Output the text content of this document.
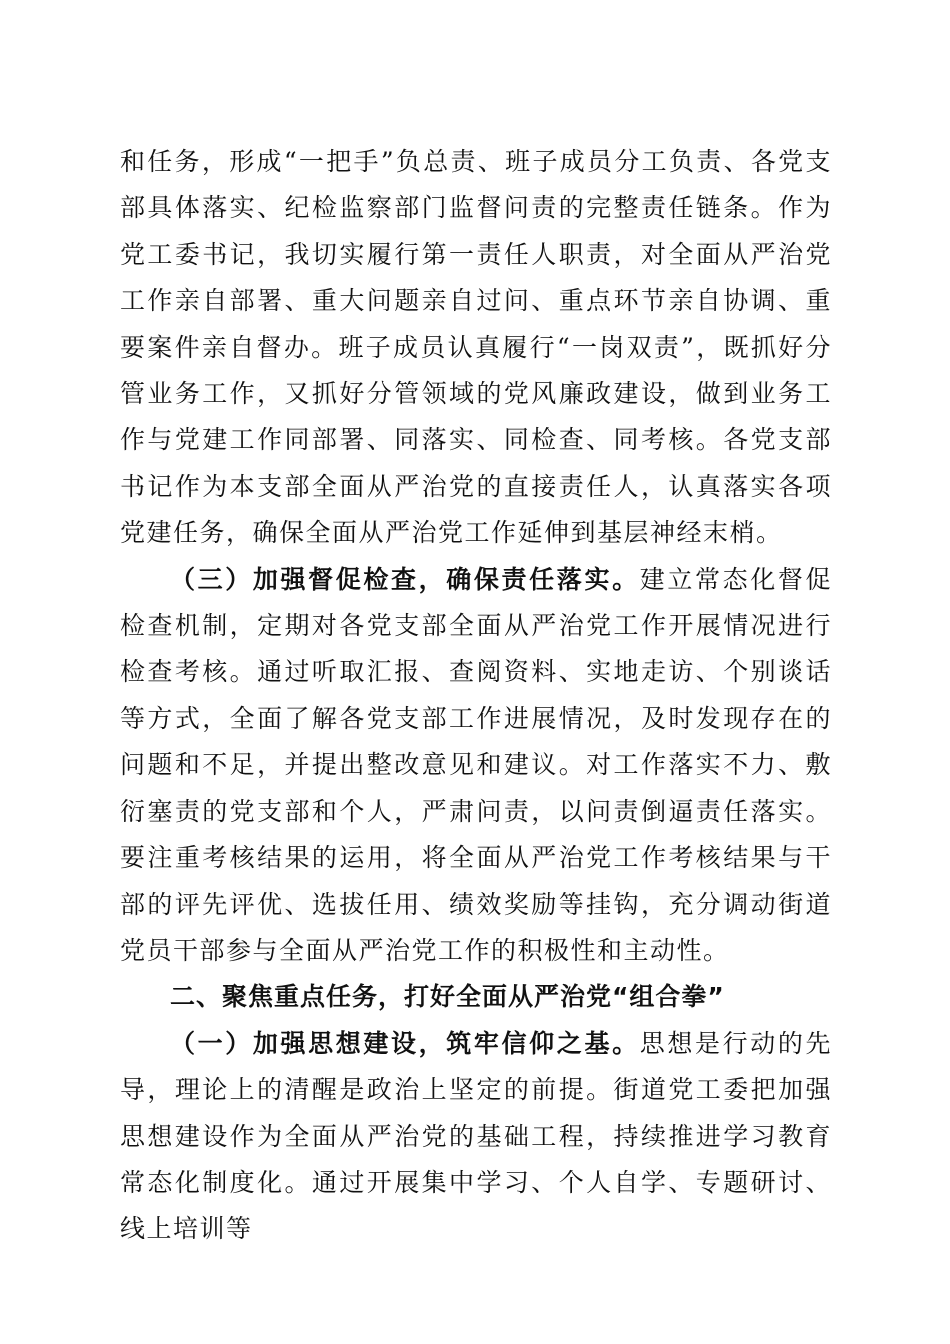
和任务，形成“一把手”负总责、班子成员分工负责、各党支部具体落实、纪检监察部门监督问责的完整责任链条。作为党工委书记，我切实履行第一责任人职责，对全面从严治党工作亲自部署、重大问题亲自过问、重点环节亲自协调、重要案件亲自督办。班子成员认真履行“一岗双责”，既抓好分管业务工作，又抓好分管领域的党风廉政建设，做到业务工作与党建工作同部署、同落实、同检查、同考核。各党支部书记作为本支部全面从严治党的直接责任人，认真落实各项党建任务，确保全面从严治党工作延伸到基层神经末梢。

（三）加强督促检查，确保责任落实。建立常态化督促检查机制，定期对各党支部全面从严治党工作开展情况进行检查考核。通过听取汇报、查阅资料、实地走访、个别谈话等方式，全面了解各党支部工作进展情况，及时发现存在的问题和不足，并提出整改意见和建议。对工作落实不力、敷衍塞责的党支部和个人，严肃问责，以问责倒逼责任落实。要注重考核结果的运用，将全面从严治党工作考核结果与干部的评先评优、选拔任用、绩效奖励等挂钩，充分调动街道党员干部参与全面从严治党工作的积极性和主动性。

二、聚焦重点任务，打好全面从严治党“组合拳”

（一）加强思想建设，筑牢信仰之基。思想是行动的先导，理论上的清醒是政治上坚定的前提。街道党工委把加强思想建设作为全面从严治党的基础工程，持续推进学习教育常态化制度化。通过开展集中学习、个人自学、专题研讨、线上培训等
